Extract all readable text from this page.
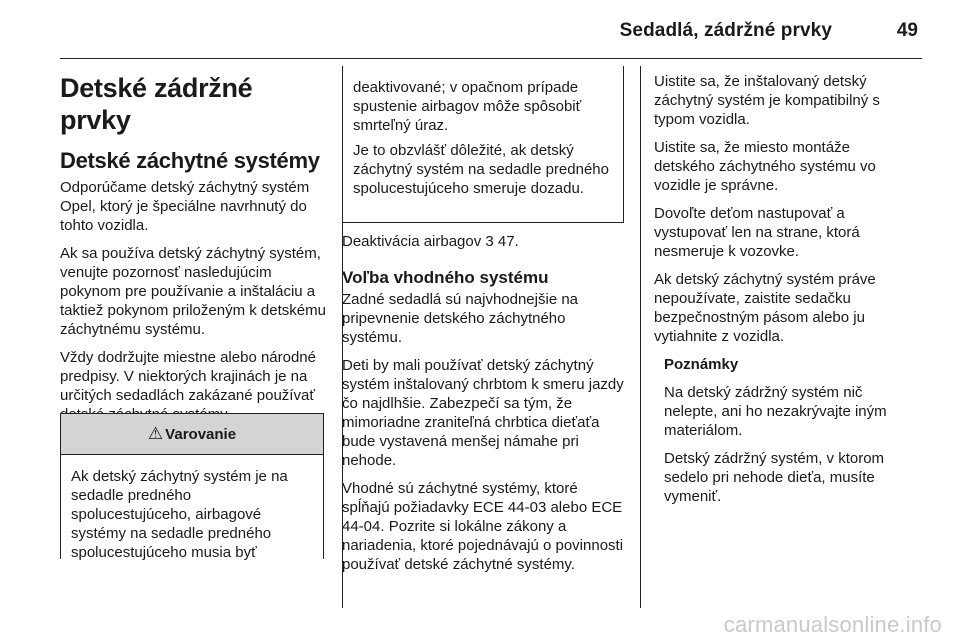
Sedadlá, zádržné prvky	49
Detské zádržné prvky
Detské záchytné systémy

Odporúčame detský záchytný systém Opel, ktorý je špeciálne navrhnutý do tohto vozidla.

Ak sa používa detský záchytný systém, venujte pozornosť nasledujúcim pokynom pre používanie a inštaláciu a taktiež pokynom priloženým k detskému záchytnému systému.

Vždy dodržujte miestne alebo národné predpisy. V niektorých krajinách je na určitých sedadlách zakázané používať

⚠ Varovanie
Ak detský záchytný systém je na sedadle predného spolucestujúceho, airbagové systémy na sedadle predného spolucestujúceho musia byť

deaktivované; v opačnom prípade spustenie airbagov môže spôsobiť smrteľný úraz.

Je to obzvlášť dôležité, ak detský záchytný systém na sedadle predného spolucestujúceho smeruje dozadu.

Deaktivácia airbagov 3 47.

Voľba vhodného systému

Zadné sedadlá sú najvhodnejšie na pripevnenie detského záchytného systému.

Deti by mali používať detský záchytný systém inštalovaný chrbtom k smeru jazdy čo najdlhšie. Zabezpečí sa tým, že mimoriadne zraniteľná chrbtica dieťaťa bude vystavená menšej námahe pri nehode.

Vhodné sú záchytné systémy, ktoré spĺňajú požiadavky ECE 44-03 alebo ECE 44-04. Pozrite si lokálne zákony a nariadenia, ktoré pojednávajú o povinnosti používať detské záchytné systémy.

Uistite sa, že inštalovaný detský záchytný systém je kompatibilný s typom vozidla.

Uistite sa, že miesto montáže detského záchytného systému vo vozidle je správne.

Dovoľte deťom nastupovať a vystupovať len na strane, ktorá nesmeruje k vozovke.

Ak detský záchytný systém práve nepoužívate, zaistite sedačku bezpečnostným pásom alebo ju vytiahnite z vozidla.

Poznámky

Na detský zádržný systém nič nelepte, ani ho nezakrývajte iným materiálom.

Detský zádržný systém, v ktorom sedelo pri nehode dieťa, musíte vymeniť.

carmanualsonline.info
